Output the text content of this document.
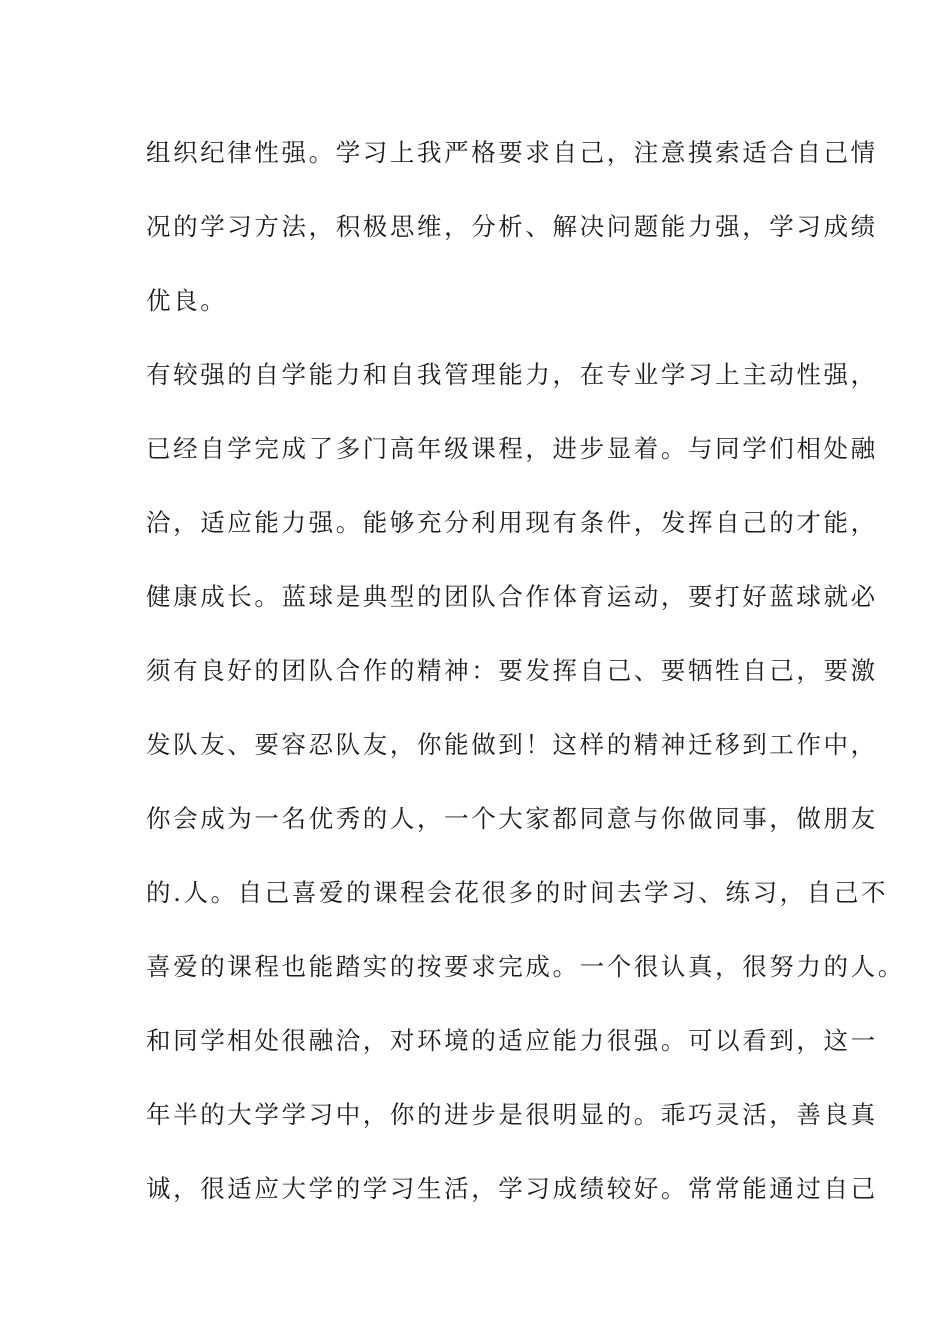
组织纪律性强。学习上我严格要求自己，注意摸索适合自己情
况的学习方法，积极思维，分析、解决问题能力强，学习成绩
优良。
有较强的自学能力和自我管理能力，在专业学习上主动性强，
已经自学完成了多门高年级课程，进步显着。与同学们相处融
洽，适应能力强。能够充分利用现有条件，发挥自己的才能，
健康成长。蓝球是典型的团队合作体育运动，要打好蓝球就必
须有良好的团队合作的精神：要发挥自己、要牺牲自己，要激
发队友、要容忍队友，你能做到！这样的精神迁移到工作中，
你会成为一名优秀的人，一个大家都同意与你做同事，做朋友
的.人。自己喜爱的课程会花很多的时间去学习、练习，自己不
喜爱的课程也能踏实的按要求完成。一个很认真，很努力的人。
和同学相处很融洽，对环境的适应能力很强。可以看到，这一
年半的大学学习中，你的进步是很明显的。乖巧灵活，善良真
诚，很适应大学的学习生活，学习成绩较好。常常能通过自己
